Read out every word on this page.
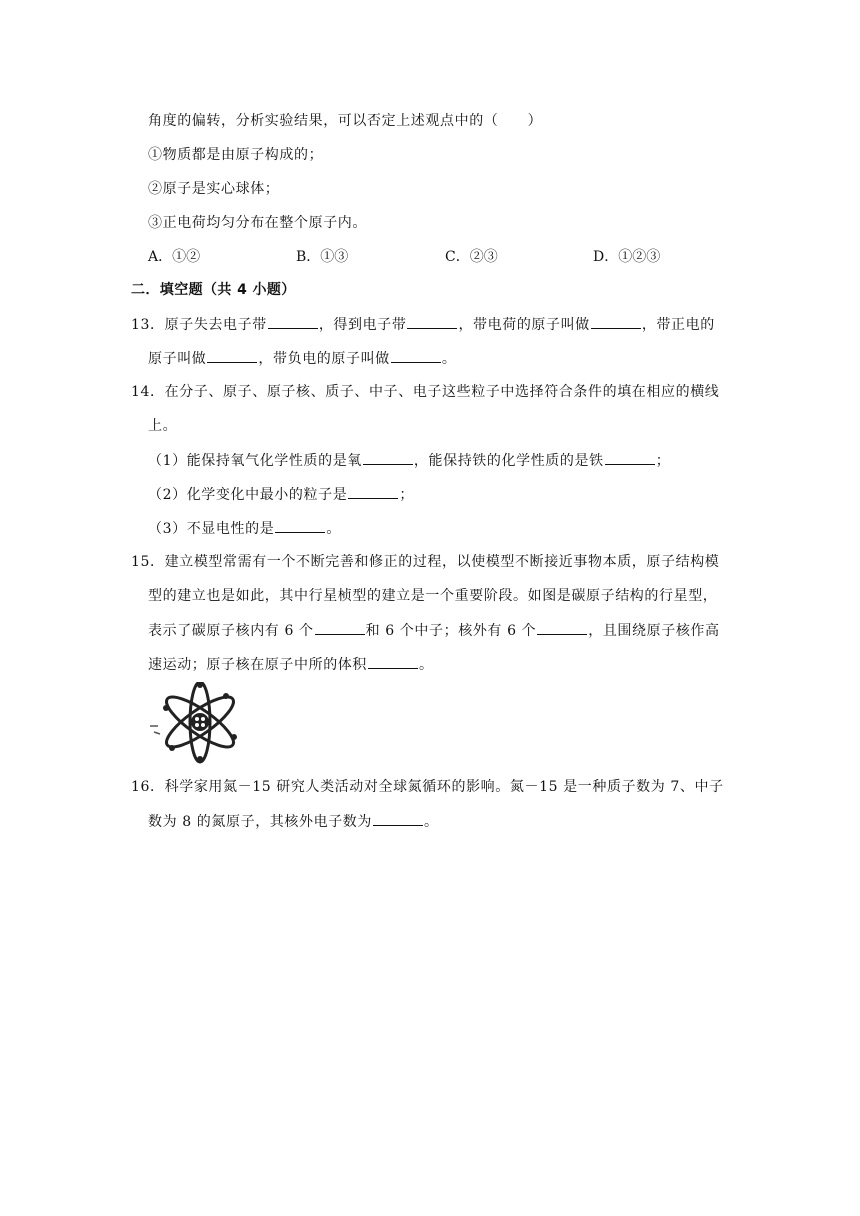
角度的偏转，分析实验结果，可以否定上述观点中的（　　）
①物质都是由原子构成的；
②原子是实心球体；
③正电荷均匀分布在整个原子内。
A．①②	B．①③	C．②③	D．①②③
二．填空题（共 4 小题）
13．原子失去电子带	，得到电子带	，带电荷的原子叫做	，带正电的
原子叫做	，带负电的原子叫做	。
14．在分子、原子、原子核、质子、中子、电子这些粒子中选择符合条件的填在相应的横线
上。
（1）能保持氧气化学性质的是氧	，能保持铁的化学性质的是铁	；
（2）化学变化中最小的粒子是	；
（3）不显电性的是	。
15．建立模型常需有一个不断完善和修正的过程，以使模型不断接近事物本质，原子结构模
型的建立也是如此，其中行星桢型的建立是一个重要阶段。如图是碳原子结构的行星型，
表示了碳原子核内有 6 个	和 6 个中子；核外有 6 个	，且围绕原子核作高
速运动；原子核在原子中所的体积	。
16．科学家用氮－15 研究人类活动对全球氮循环的影响。氮－15 是一种质子数为 7、中子
数为 8 的氮原子，其核外电子数为	。
